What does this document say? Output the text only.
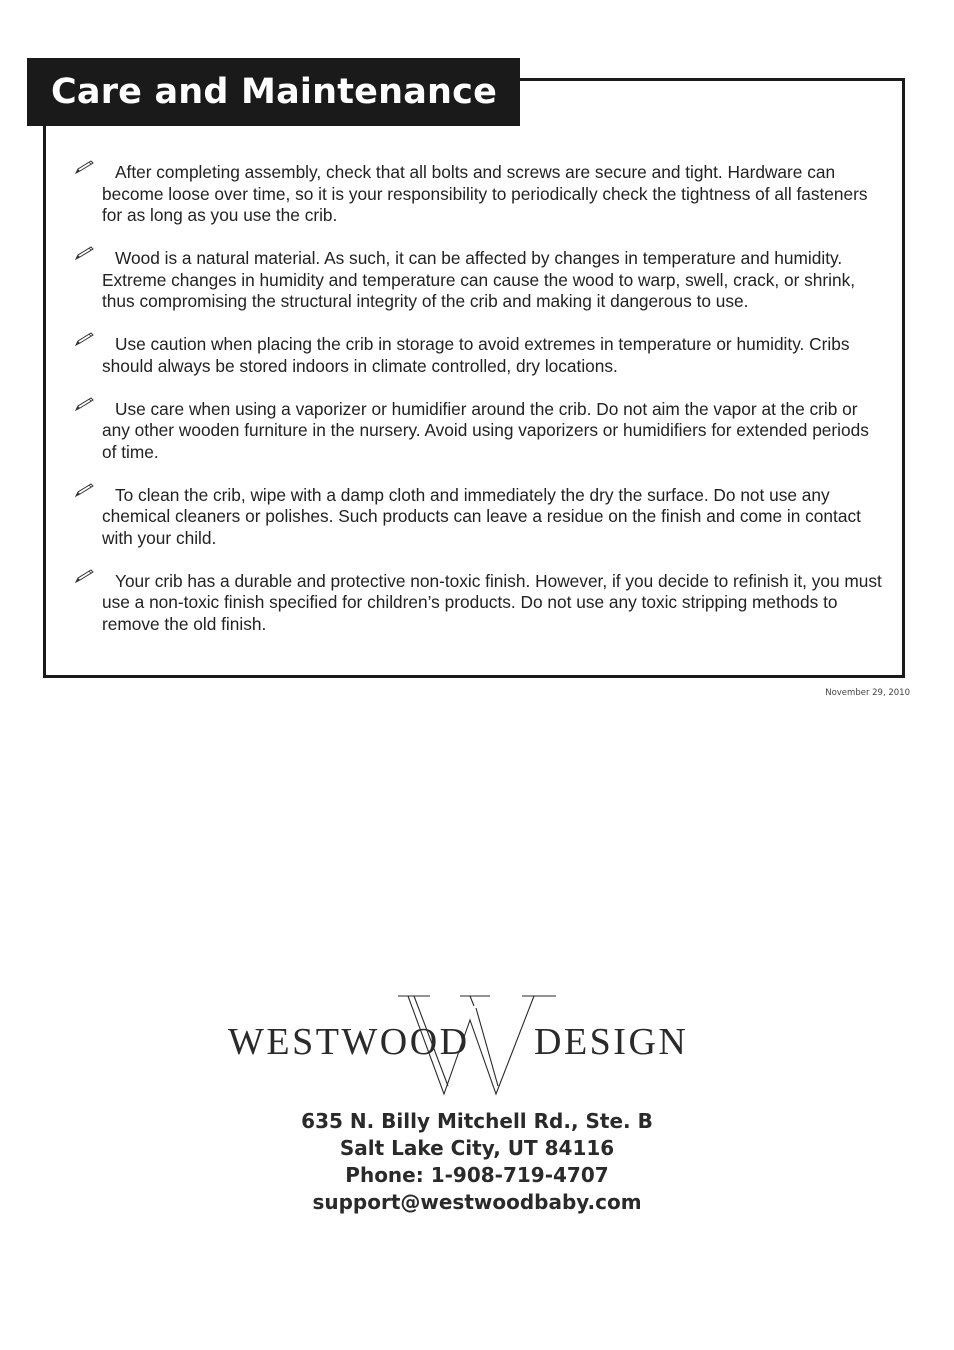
Care and Maintenance
After completing assembly, check that all bolts and screws are secure and tight. Hardware can become loose over time, so it is your responsibility to periodically check the tightness of all fasteners for as long as you use the crib.
Wood is a natural material. As such, it can be affected by changes in temperature and humidity. Extreme changes in humidity and temperature can cause the wood to warp, swell, crack, or shrink, thus compromising the structural integrity of the crib and making it dangerous to use.
Use caution when placing the crib in storage to avoid extremes in temperature or humidity. Cribs should always be stored indoors in climate controlled, dry locations.
Use care when using a vaporizer or humidifier around the crib. Do not aim the vapor at the crib or any other wooden furniture in the nursery. Avoid using vaporizers or humidifiers for extended periods of time.
To clean the crib, wipe with a damp cloth and immediately the dry the surface. Do not use any chemical cleaners or polishes. Such products can leave a residue on the finish and come in contact with your child.
Your crib has a durable and protective non-toxic finish. However, if you decide to refinish it, you must use a non-toxic finish specified for children’s products. Do not use any toxic stripping methods to remove the old finish.
November 29, 2010
WESTWOOD DESIGN
635 N. Billy Mitchell Rd., Ste. B
Salt Lake City, UT 84116
Phone: 1-908-719-4707
support@westwoodbaby.com
